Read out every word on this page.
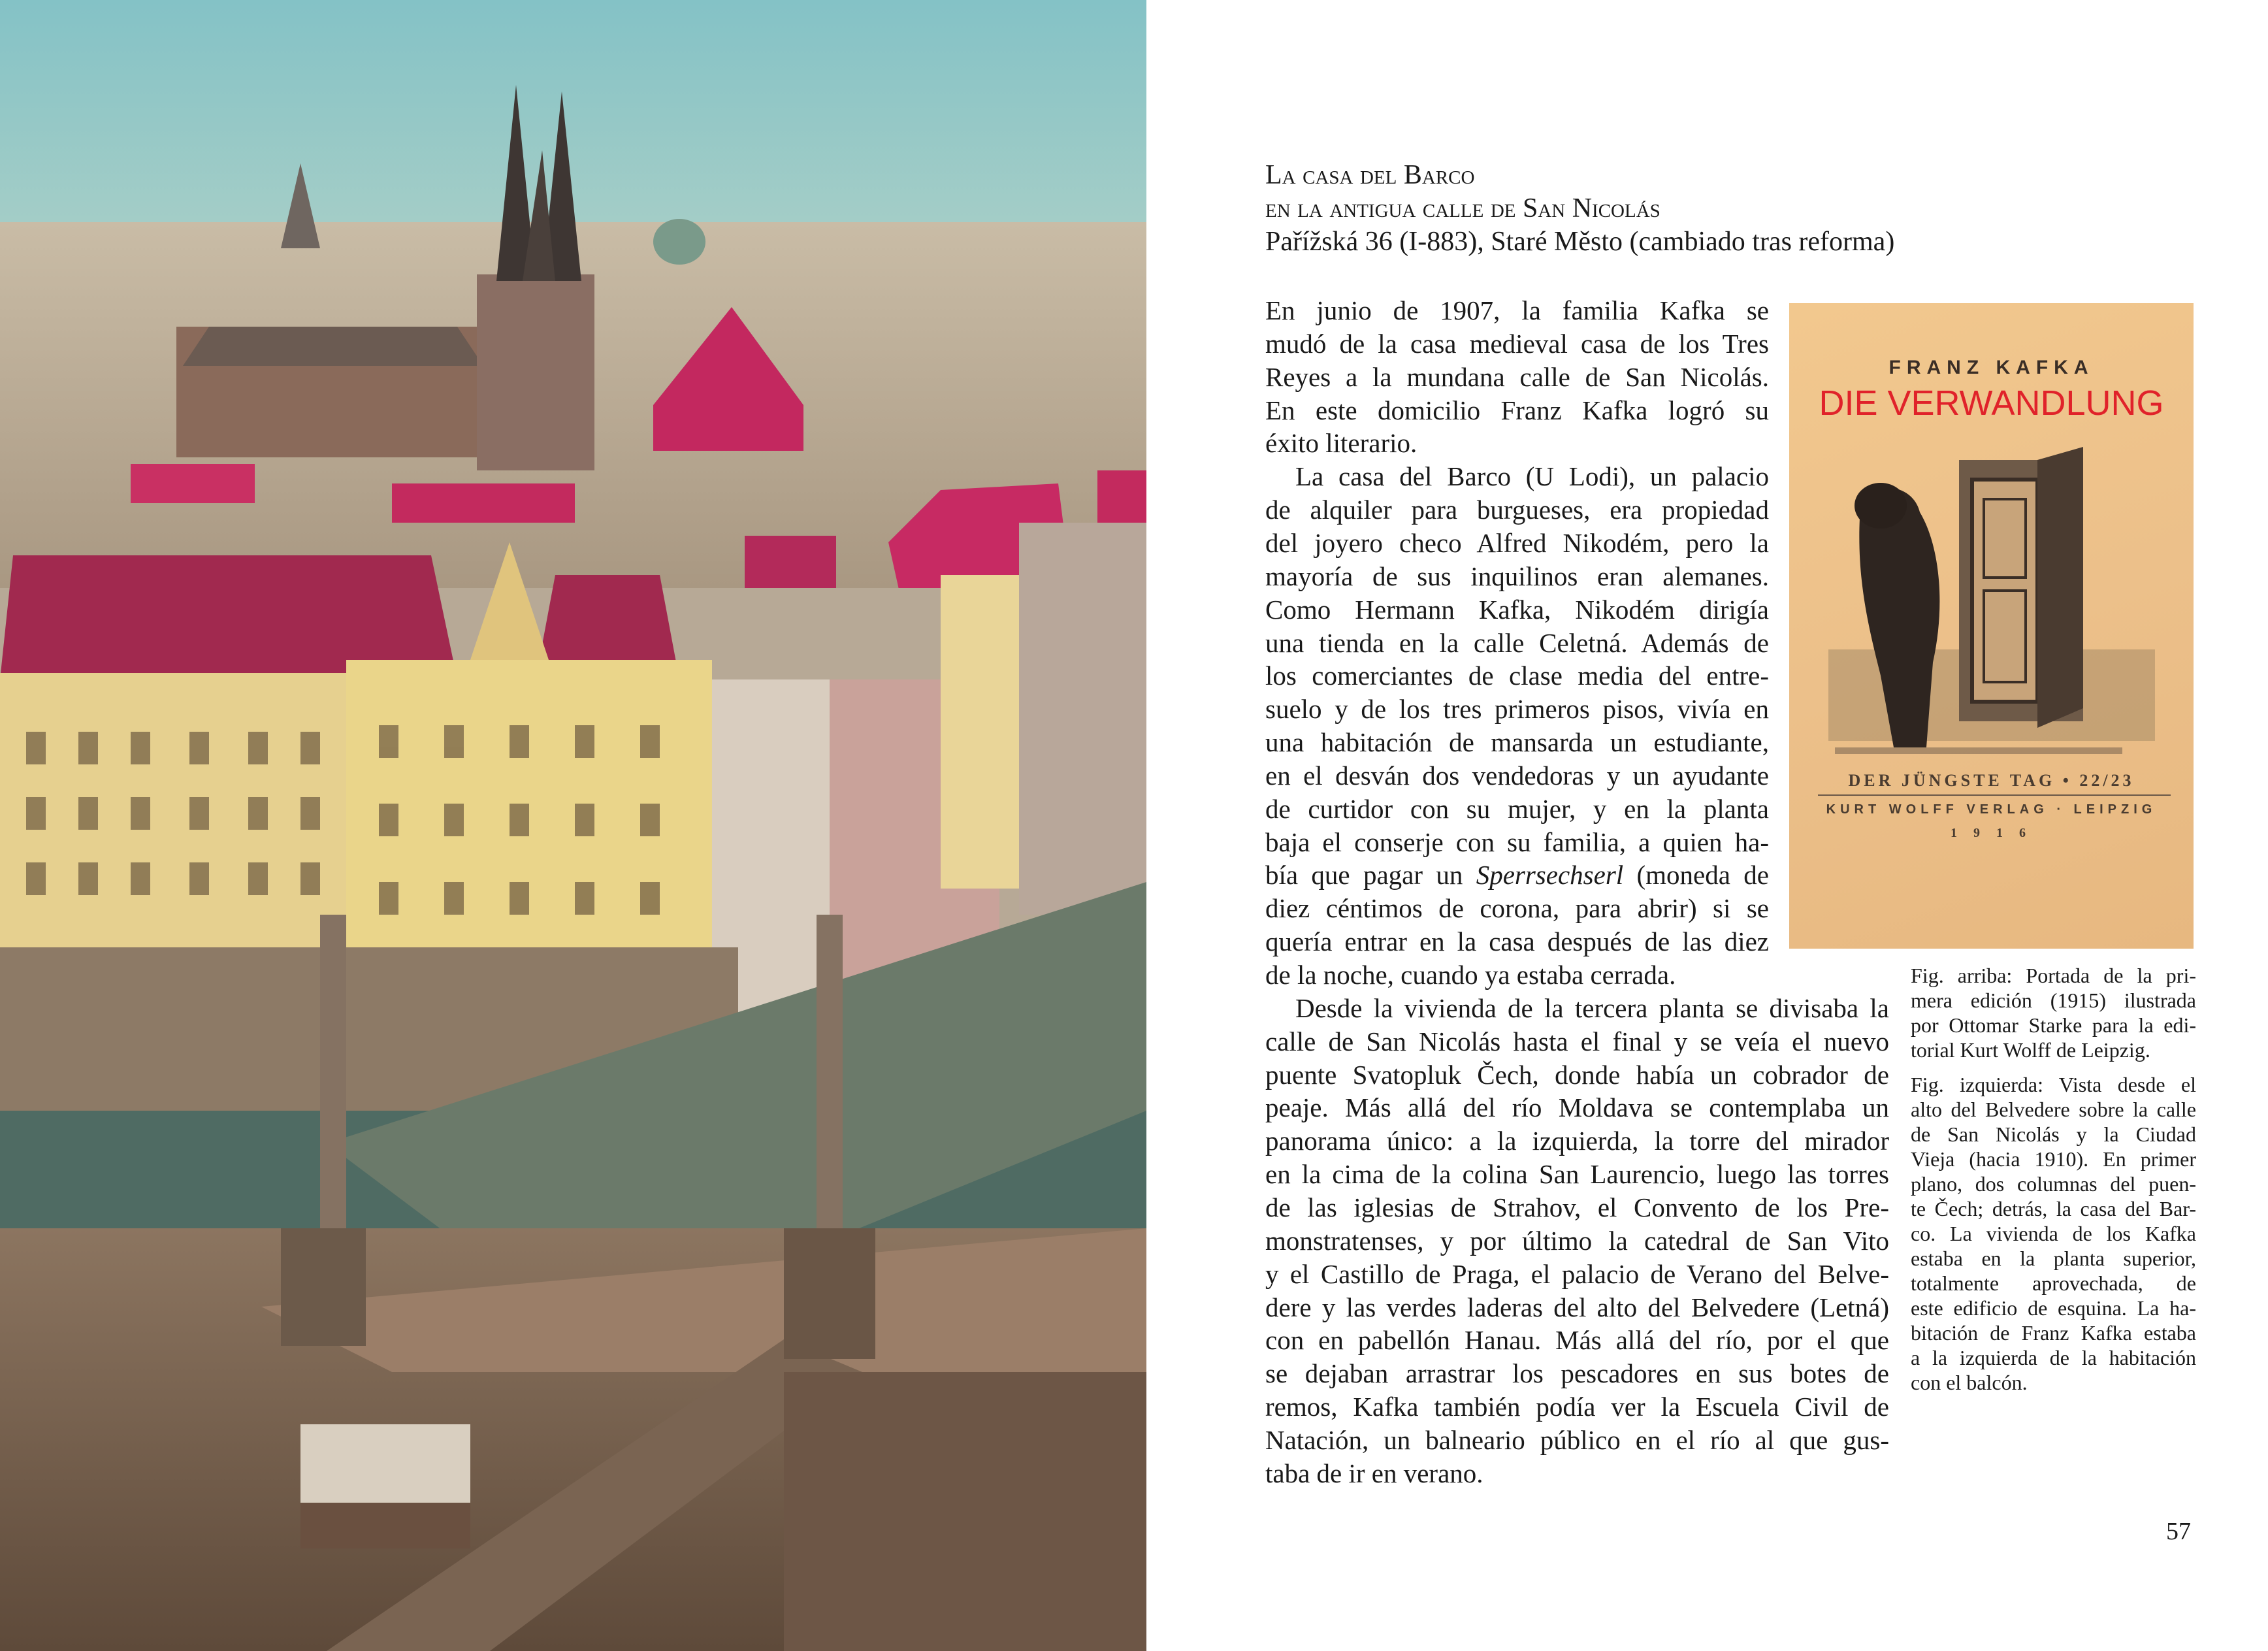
La casa del Barco
en la antigua calle de San Nicolás
Pařížská 36 (I-883), Staré Město (cambiado tras reforma)
En junio de 1907, la familia Kafka se
mudó de la casa medieval casa de los Tres
Reyes a la mundana calle de San Nicolás.
En este domicilio Franz Kafka logró su
éxito literario.
La casa del Barco (U Lodi), un palacio
de alquiler para burgueses, era propiedad
del joyero checo Alfred Nikodém, pero la
mayoría de sus inquilinos eran alemanes.
Como Hermann Kafka, Nikodém dirigía
una tienda en la calle Celetná. Además de
los comerciantes de clase media del entre-
suelo y de los tres primeros pisos, vivía en
una habitación de mansarda un estudiante,
en el desván dos vendedoras y un ayudante
de curtidor con su mujer, y en la planta
baja el conserje con su familia, a quien ha-
bía que pagar un Sperrsechserl (moneda de
diez céntimos de corona, para abrir) si se
quería entrar en la casa después de las diez
de la noche, cuando ya estaba cerrada.
Desde la vivienda de la tercera planta se divisaba la
calle de San Nicolás hasta el final y se veía el nuevo
puente Svatopluk Čech, donde había un cobrador de
peaje. Más allá del río Moldava se contemplaba un
panorama único: a la izquierda, la torre del mirador
en la cima de la colina San Laurencio, luego las torres
de las iglesias de Strahov, el Convento de los Pre-
monstratenses, y por último la catedral de San Vito
y el Castillo de Praga, el palacio de Verano del Belve-
dere y las verdes laderas del alto del Belvedere (Letná)
con en pabellón Hanau. Más allá del río, por el que
se dejaban arrastrar los pescadores en sus botes de
remos, Kafka también podía ver la Escuela Civil de
Natación, un balneario público en el río al que gus-
taba de ir en verano.
FRANZ KAFKA
DIE VERWANDLUNG
DER JÜNGSTE TAG • 22/23
KURT WOLFF VERLAG · LEIPZIG
1 9 1 6
Fig. arriba: Portada de la pri-
mera edición (1915) ilustrada
por Ottomar Starke para la edi-
torial Kurt Wolff de Leipzig.
Fig. izquierda: Vista desde el
alto del Belvedere sobre la calle
de San Nicolás y la Ciudad
Vieja (hacia 1910). En primer
plano, dos columnas del puen-
te Čech; detrás, la casa del Bar-
co. La vivienda de los Kafka
estaba en la planta superior,
totalmente aprovechada, de
este edificio de esquina. La ha-
bitación de Franz Kafka estaba
a la izquierda de la habitación
con el balcón.
57
